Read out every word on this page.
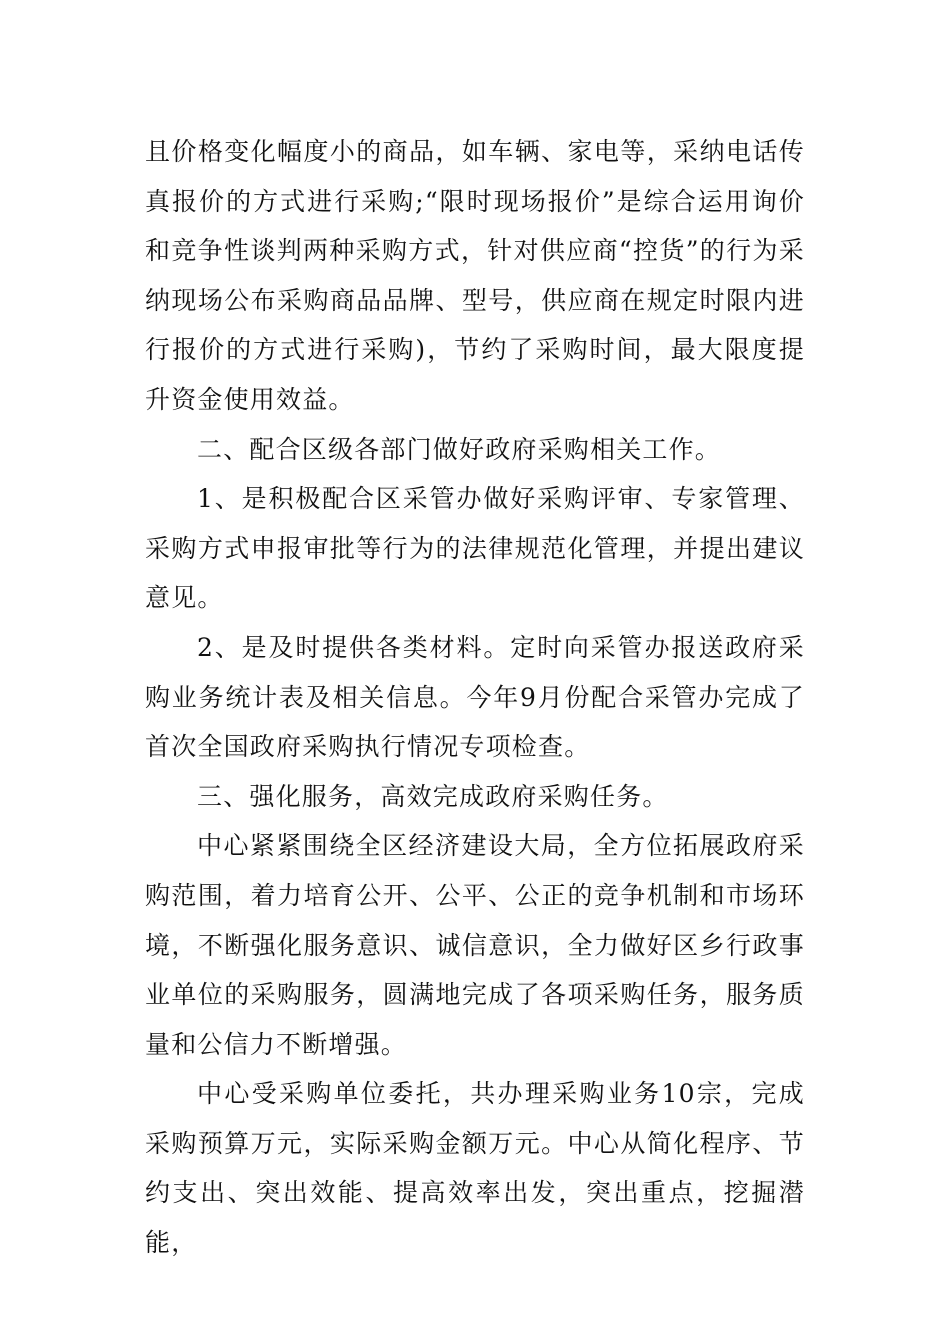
且价格变化幅度小的商品，如车辆、家电等，采纳电话传真报价的方式进行采购;“限时现场报价”是综合运用询价和竞争性谈判两种采购方式，针对供应商“控货”的行为采纳现场公布采购商品品牌、型号，供应商在规定时限内进行报价的方式进行采购)，节约了采购时间，最大限度提升资金使用效益。

二、配合区级各部门做好政府采购相关工作。

1、是积极配合区采管办做好采购评审、专家管理、采购方式申报审批等行为的法律规范化管理，并提出建议意见。

2、是及时提供各类材料。定时向采管办报送政府采购业务统计表及相关信息。今年9月份配合采管办完成了首次全国政府采购执行情况专项检查。

三、强化服务，高效完成政府采购任务。

中心紧紧围绕全区经济建设大局，全方位拓展政府采购范围，着力培育公开、公平、公正的竞争机制和市场环境，不断强化服务意识、诚信意识，全力做好区乡行政事业单位的采购服务，圆满地完成了各项采购任务，服务质量和公信力不断增强。

中心受采购单位委托，共办理采购业务10宗，完成采购预算万元，实际采购金额万元。中心从简化程序、节约支出、突出效能、提高效率出发，突出重点，挖掘潜能，
